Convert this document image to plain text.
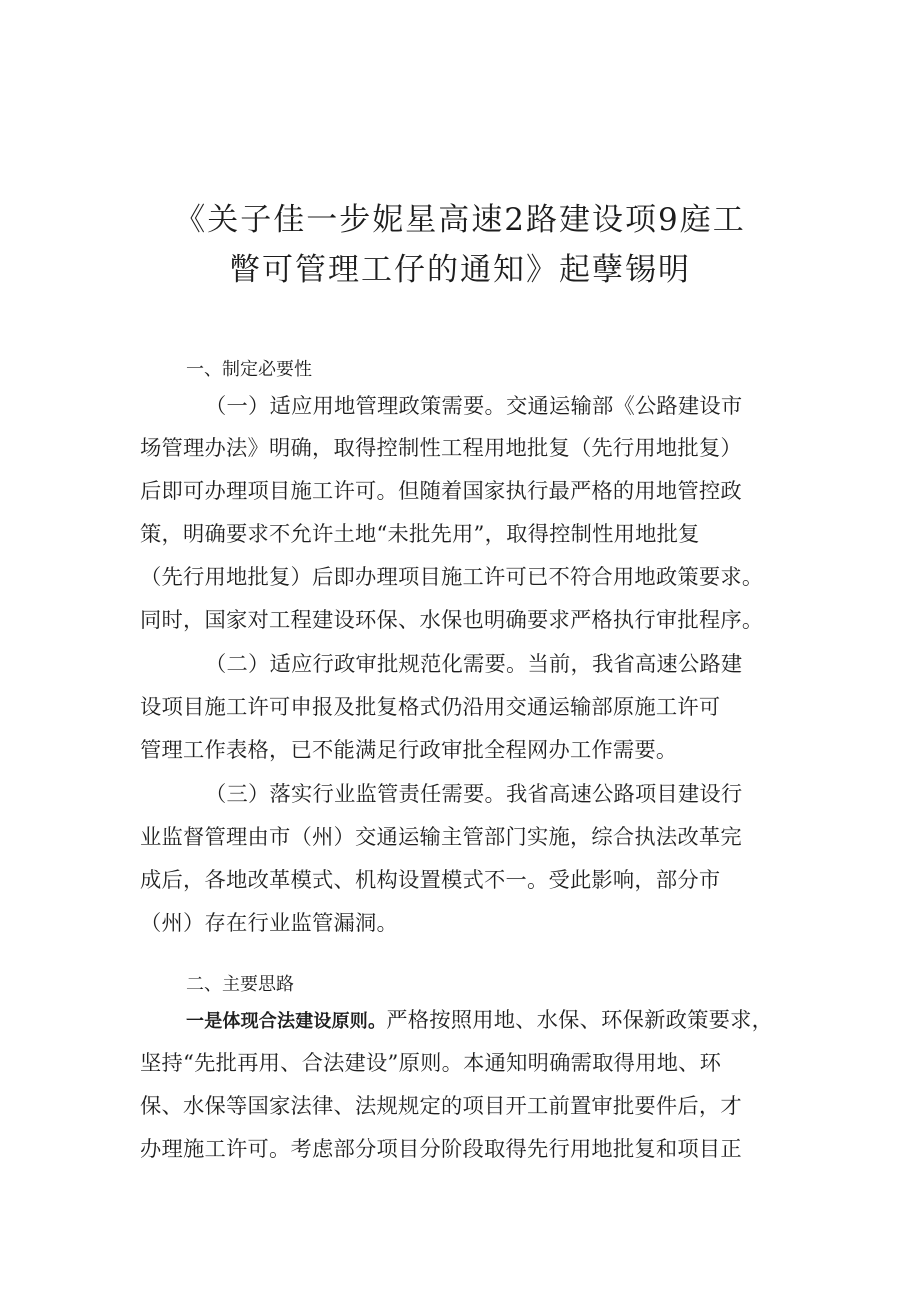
《关子佳一步妮星高速2路建设项9庭工
瞥可管理工仔的通知》起孽锡明
一、制定必要性
（一）适应用地管理政策需要。交通运输部《公路建设市
场管理办法》明确，取得控制性工程用地批复（先行用地批复）
后即可办理项目施工许可。但随着国家执行最严格的用地管控政
策，明确要求不允许土地“未批先用”，取得控制性用地批复
（先行用地批复）后即办理项目施工许可已不符合用地政策要求。
同时，国家对工程建设环保、水保也明确要求严格执行审批程序。
（二）适应行政审批规范化需要。当前，我省高速公路建
设项目施工许可申报及批复格式仍沿用交通运输部原施工许可
管理工作表格，已不能满足行政审批全程网办工作需要。
（三）落实行业监管责任需要。我省高速公路项目建设行
业监督管理由市（州）交通运输主管部门实施，综合执法改革完
成后，各地改革模式、机构设置模式不一。受此影响，部分市
（州）存在行业监管漏洞。
二、主要思路
一是体现合法建设原则。严格按照用地、水保、环保新政策要求，
坚持“先批再用、合法建设”原则。本通知明确需取得用地、环
保、水保等国家法律、法规规定的项目开工前置审批要件后，才
办理施工许可。考虑部分项目分阶段取得先行用地批复和项目正
